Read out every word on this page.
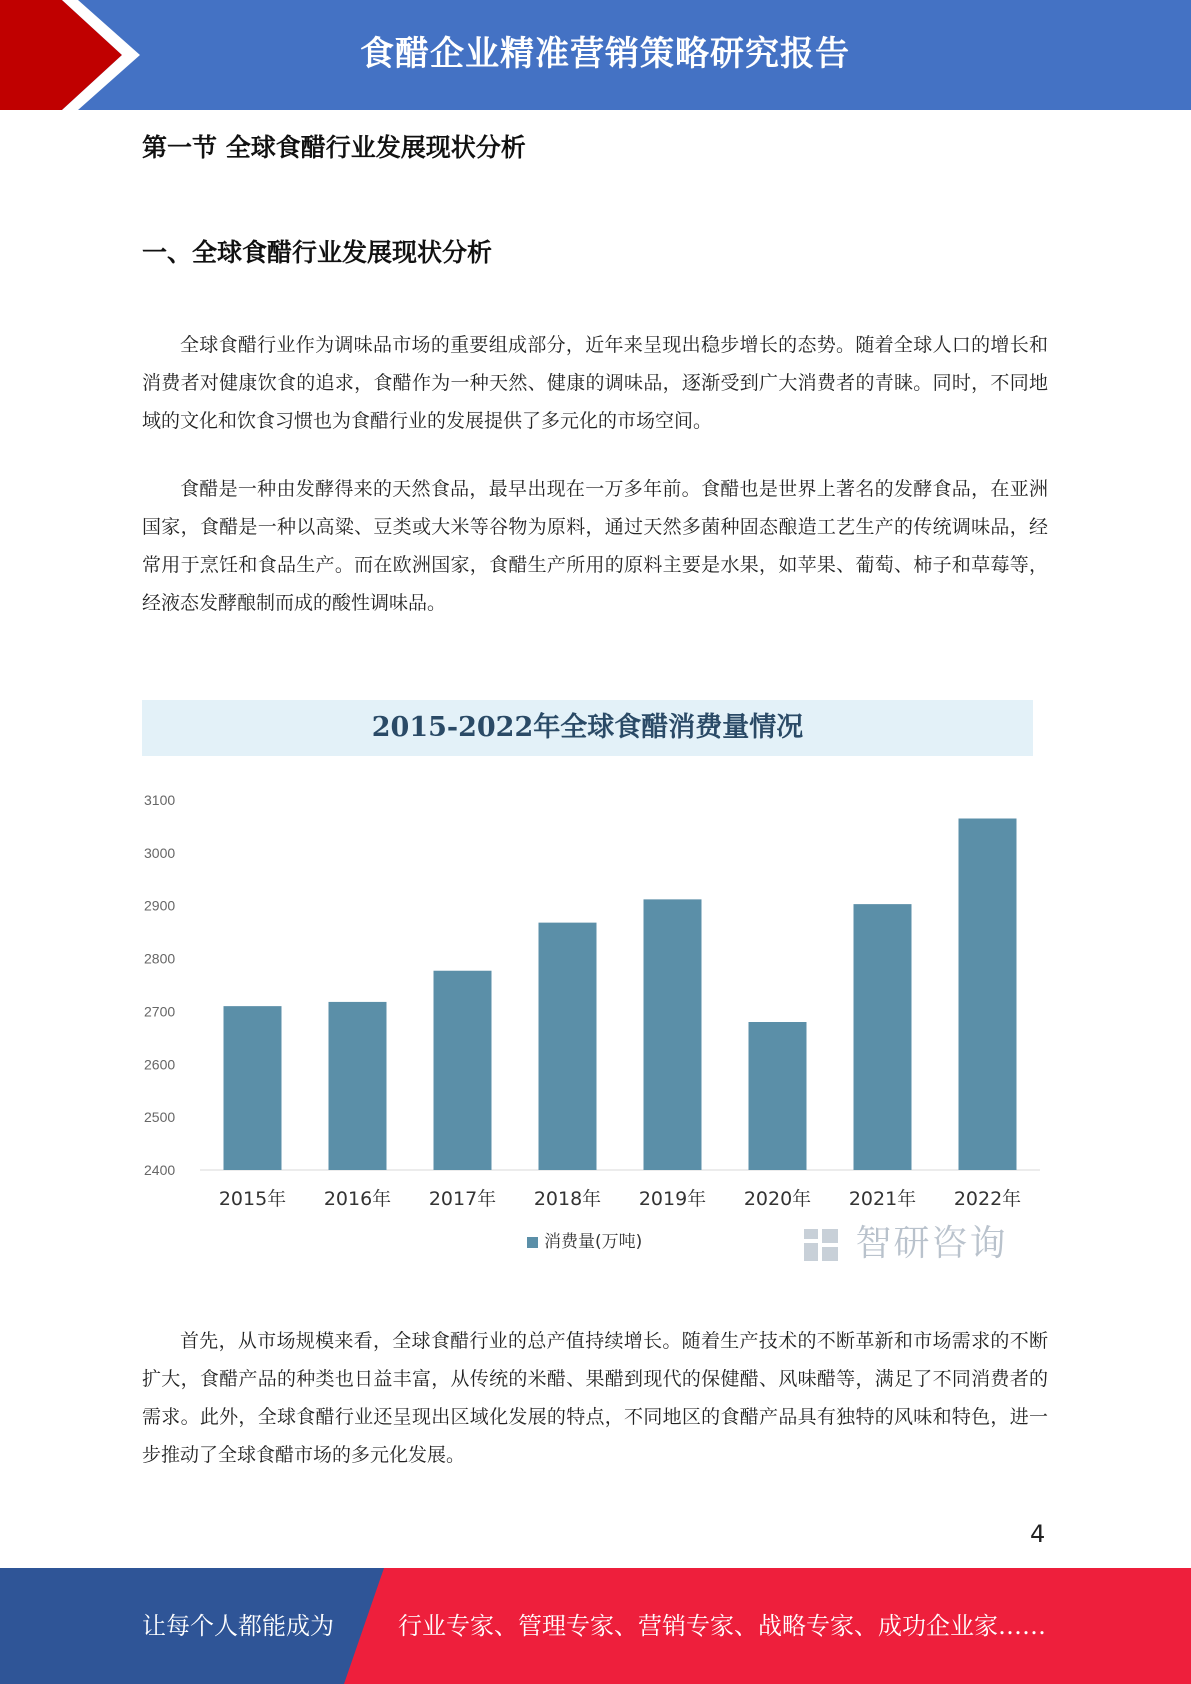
食醋企业精准营销策略研究报告
第一节 全球食醋行业发展现状分析
一、全球食醋行业发展现状分析

全球食醋行业作为调味品市场的重要组成部分，近年来呈现出稳步增长的态势。随着全球人口的增长和消费者对健康饮食的追求，食醋作为一种天然、健康的调味品，逐渐受到广大消费者的青睐。同时，不同地域的文化和饮食习惯也为食醋行业的发展提供了多元化的市场空间。

食醋是一种由发酵得来的天然食品，最早出现在一万多年前。食醋也是世界上著名的发酵食品，在亚洲国家，食醋是一种以高粱、豆类或大米等谷物为原料，通过天然多菌种固态酿造工艺生产的传统调味品，经常用于烹饪和食品生产。而在欧洲国家，食醋生产所用的原料主要是水果，如苹果、葡萄、柿子和草莓等，经液态发酵酿制而成的酸性调味品。

2015-2022年全球食醋消费量情况
2400
2500
2600
2700
2800
2900
3000
3100
2015年 2016年 2017年 2018年 2019年 2020年 2021年 2022年
消费量(万吨)	智研咨询

首先，从市场规模来看，全球食醋行业的总产值持续增长。随着生产技术的不断革新和市场需求的不断扩大，食醋产品的种类也日益丰富，从传统的米醋、果醋到现代的保健醋、风味醋等，满足了不同消费者的需求。此外，全球食醋行业还呈现出区域化发展的特点，不同地区的食醋产品具有独特的风味和特色，进一步推动了全球食醋市场的多元化发展。

4
让每个人都能成为	行业专家、管理专家、营销专家、战略专家、成功企业家……
